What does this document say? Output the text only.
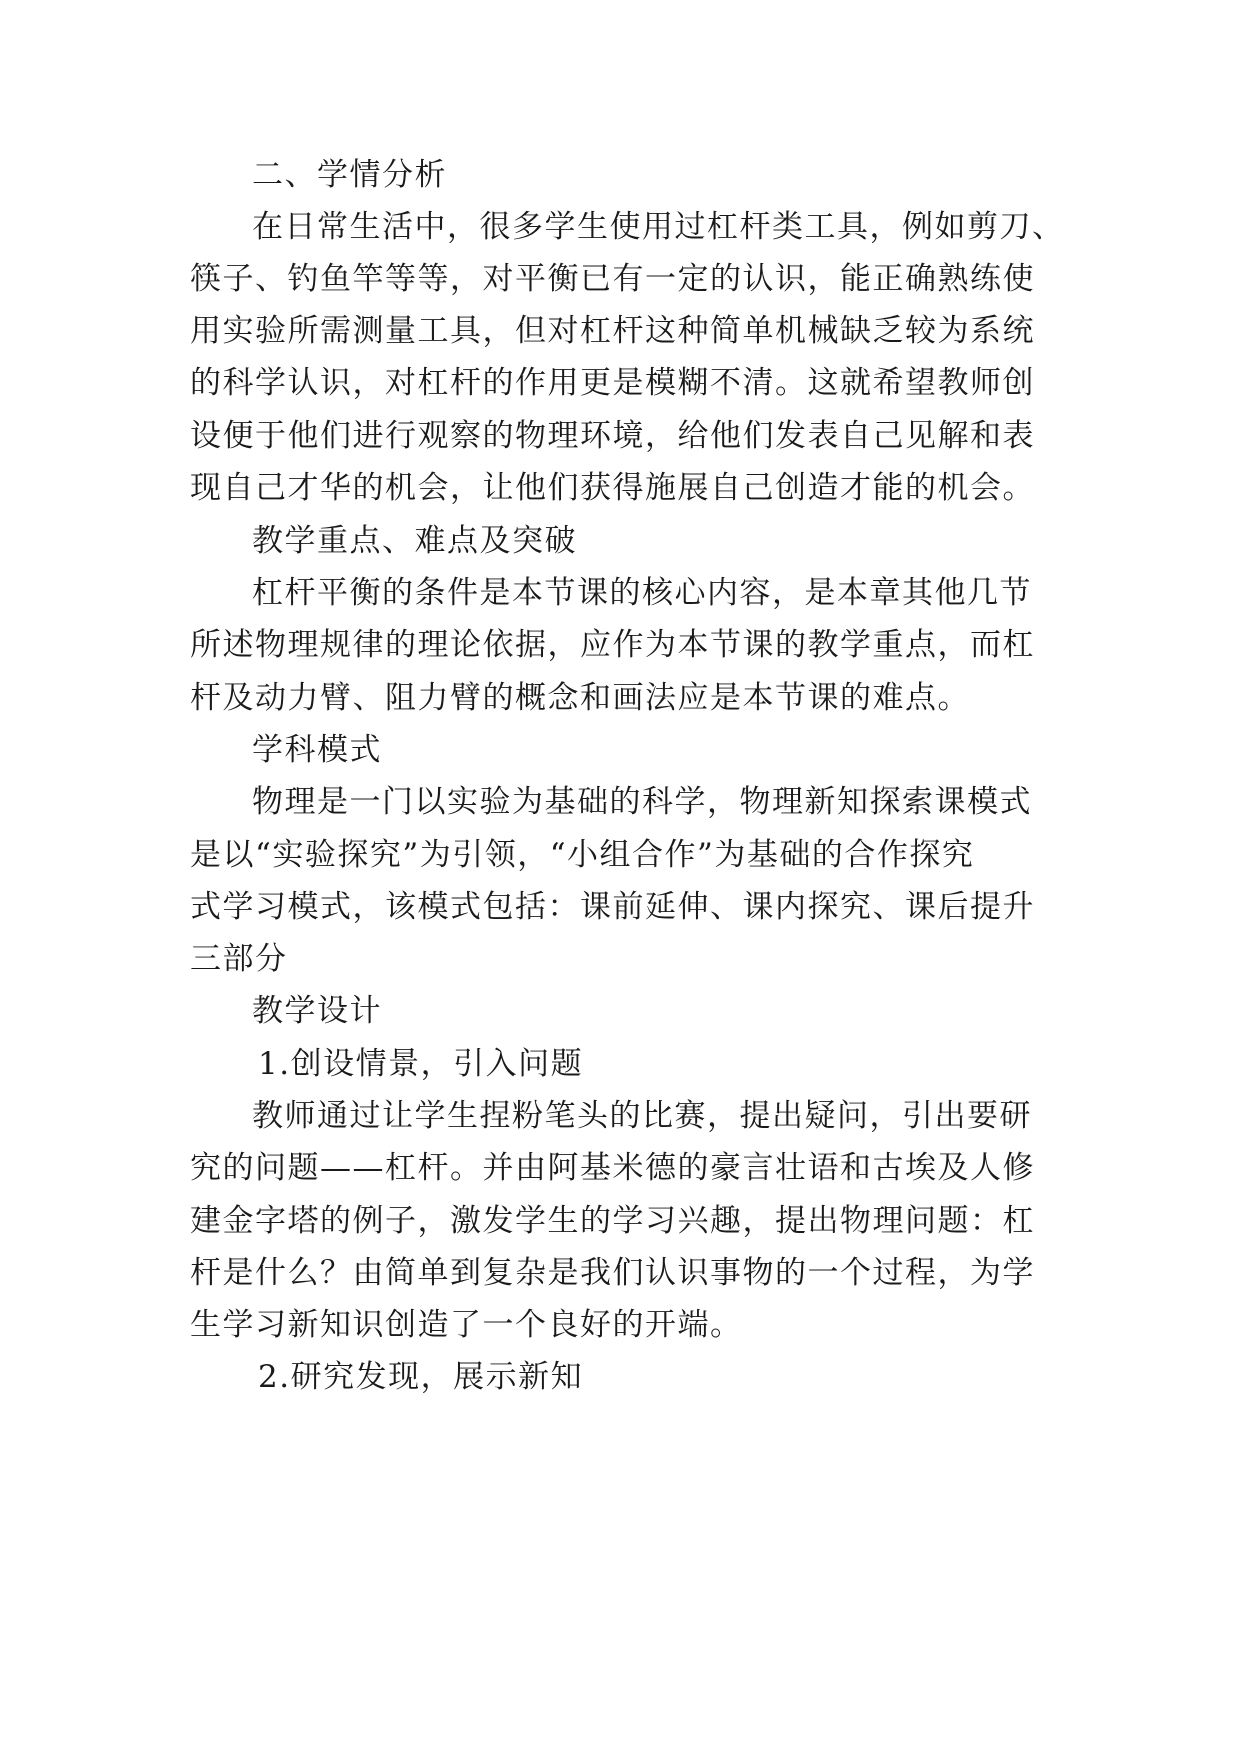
二、学情分析
在日常生活中，很多学生使用过杠杆类工具，例如剪刀、
筷子、钓鱼竿等等，对平衡已有一定的认识，能正确熟练使
用实验所需测量工具，但对杠杆这种简单机械缺乏较为系统
的科学认识，对杠杆的作用更是模糊不清。这就希望教师创
设便于他们进行观察的物理环境，给他们发表自己见解和表
现自己才华的机会，让他们获得施展自己创造才能的机会。
教学重点、难点及突破
杠杆平衡的条件是本节课的核心内容，是本章其他几节
所述物理规律的理论依据，应作为本节课的教学重点，而杠
杆及动力臂、阻力臂的概念和画法应是本节课的难点。
学科模式
物理是一门以实验为基础的科学，物理新知探索课模式
是以“实验探究”为引领，“小组合作”为基础的合作探究
式学习模式，该模式包括：课前延伸、课内探究、课后提升
三部分
教学设计
1.创设情景，引入问题
教师通过让学生捏粉笔头的比赛，提出疑问，引出要研
究的问题——杠杆。并由阿基米德的豪言壮语和古埃及人修
建金字塔的例子，激发学生的学习兴趣，提出物理问题：杠
杆是什么？由简单到复杂是我们认识事物的一个过程，为学
生学习新知识创造了一个良好的开端。
2.研究发现，展示新知
